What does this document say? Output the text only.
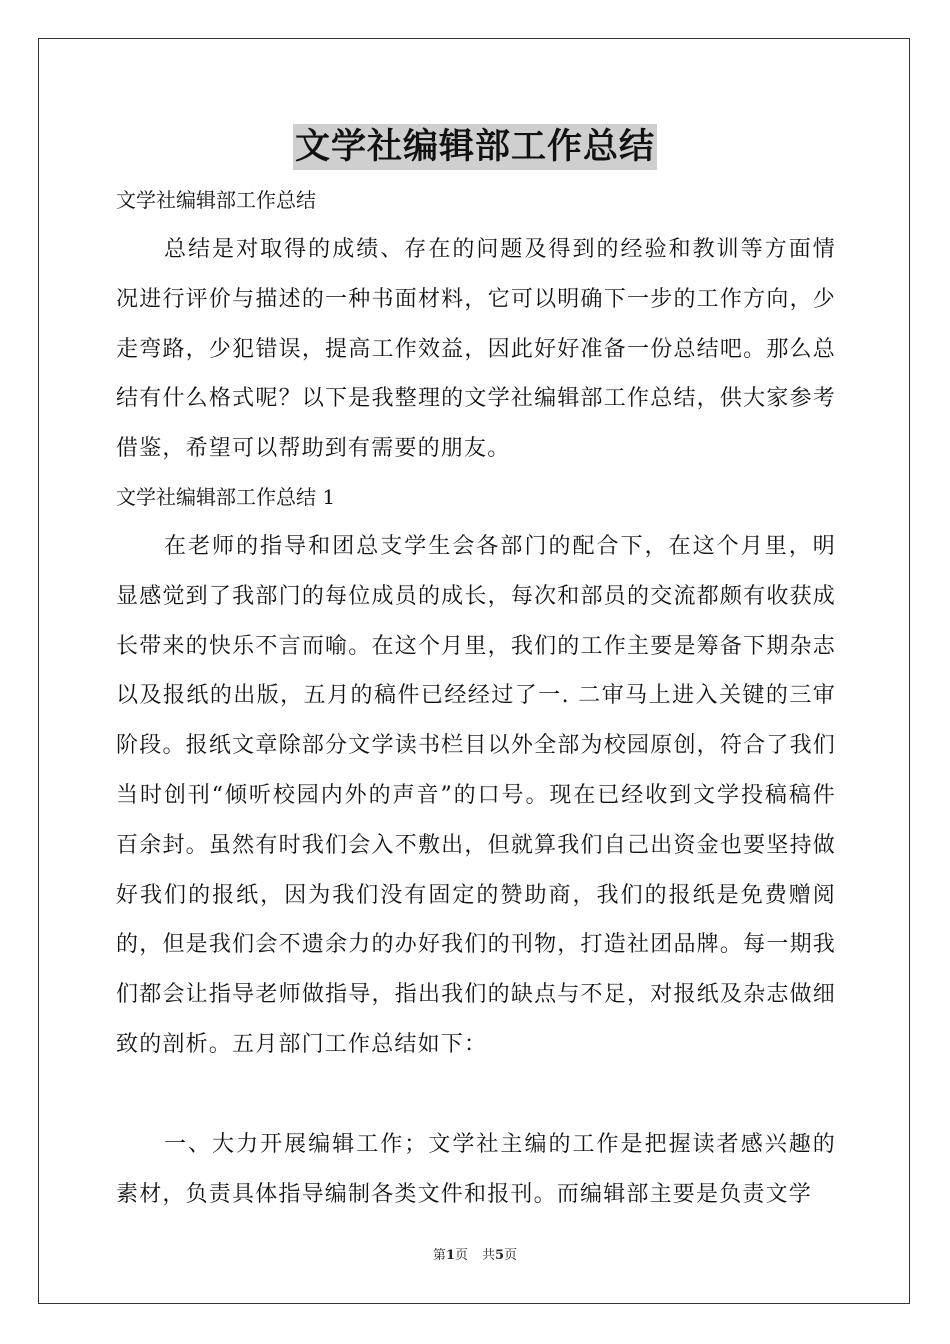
文学社编辑部工作总结

文学社编辑部工作总结

总结是对取得的成绩、存在的问题及得到的经验和教训等方面情况进行评价与描述的一种书面材料，它可以明确下一步的工作方向，少走弯路，少犯错误，提高工作效益，因此好好准备一份总结吧。那么总结有什么格式呢？以下是我整理的文学社编辑部工作总结，供大家参考借鉴，希望可以帮助到有需要的朋友。

文学社编辑部工作总结 1

在老师的指导和团总支学生会各部门的配合下，在这个月里，明显感觉到了我部门的每位成员的成长，每次和部员的交流都颇有收获成长带来的快乐不言而喻。在这个月里，我们的工作主要是筹备下期杂志以及报纸的出版，五月的稿件已经经过了一. 二审马上进入关键的三审阶段。报纸文章除部分文学读书栏目以外全部为校园原创，符合了我们当时创刊“倾听校园内外的声音”的口号。现在已经收到文学投稿稿件百余封。虽然有时我们会入不敷出，但就算我们自己出资金也要坚持做好我们的报纸，因为我们没有固定的赞助商，我们的报纸是免费赠阅的，但是我们会不遗余力的办好我们的刊物，打造社团品牌。每一期我们都会让指导老师做指导，指出我们的缺点与不足，对报纸及杂志做细致的剖析。五月部门工作总结如下：

一、大力开展编辑工作；文学社主编的工作是把握读者感兴趣的素材，负责具体指导编制各类文件和报刊。而编辑部主要是负责文学

第1页 共5页
